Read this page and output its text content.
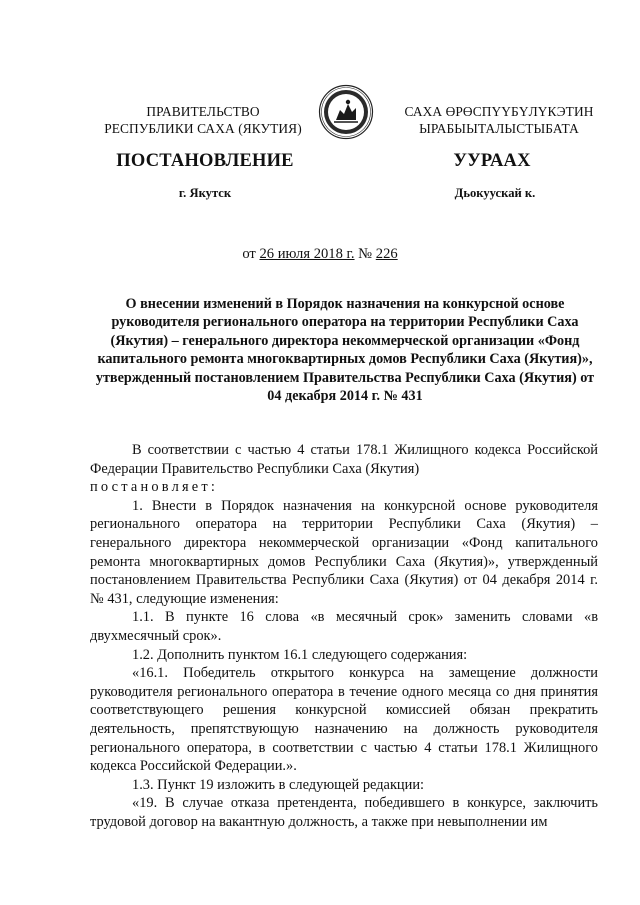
ПРАВИТЕЛЬСТВО
РЕСПУБЛИКИ САХА (ЯКУТИЯ)
САХА ӨРӨСПҮҮБҮЛҮКЭТИН
ЫРАБЫЫТАЛЫСТЫБАТА
ПОСТАНОВЛЕНИЕ	УУРААХ
г. Якутск	Дьокуускай к.
от 26 июля 2018 г. № 226
О внесении изменений в Порядок назначения на конкурсной основе руководителя регионального оператора на территории Республики Саха (Якутия) – генерального директора некоммерческой организации «Фонд капитального ремонта многоквартирных домов Республики Саха (Якутия)», утвержденный постановлением Правительства Республики Саха (Якутия) от 04 декабря 2014 г. № 431

В соответствии с частью 4 статьи 178.1 Жилищного кодекса Российской Федерации Правительство Республики Саха (Якутия)

постановляет:

1. Внести в Порядок назначения на конкурсной основе руководителя регионального оператора на территории Республики Саха (Якутия) – генерального директора некоммерческой организации «Фонд капитального ремонта многоквартирных домов Республики Саха (Якутия)», утвержденный постановлением Правительства Республики Саха (Якутия) от 04 декабря 2014 г. № 431, следующие изменения:

1.1. В пункте 16 слова «в месячный срок» заменить словами «в двухмесячный срок».

1.2. Дополнить пунктом 16.1 следующего содержания:

«16.1. Победитель открытого конкурса на замещение должности руководителя регионального оператора в течение одного месяца со дня принятия соответствующего решения конкурсной комиссией обязан прекратить деятельность, препятствующую назначению на должность руководителя регионального оператора, в соответствии с частью 4 статьи 178.1 Жилищного кодекса Российской Федерации.».

1.3. Пункт 19 изложить в следующей редакции:

«19. В случае отказа претендента, победившего в конкурсе, заключить трудовой договор на вакантную должность, а также при невыполнении им
